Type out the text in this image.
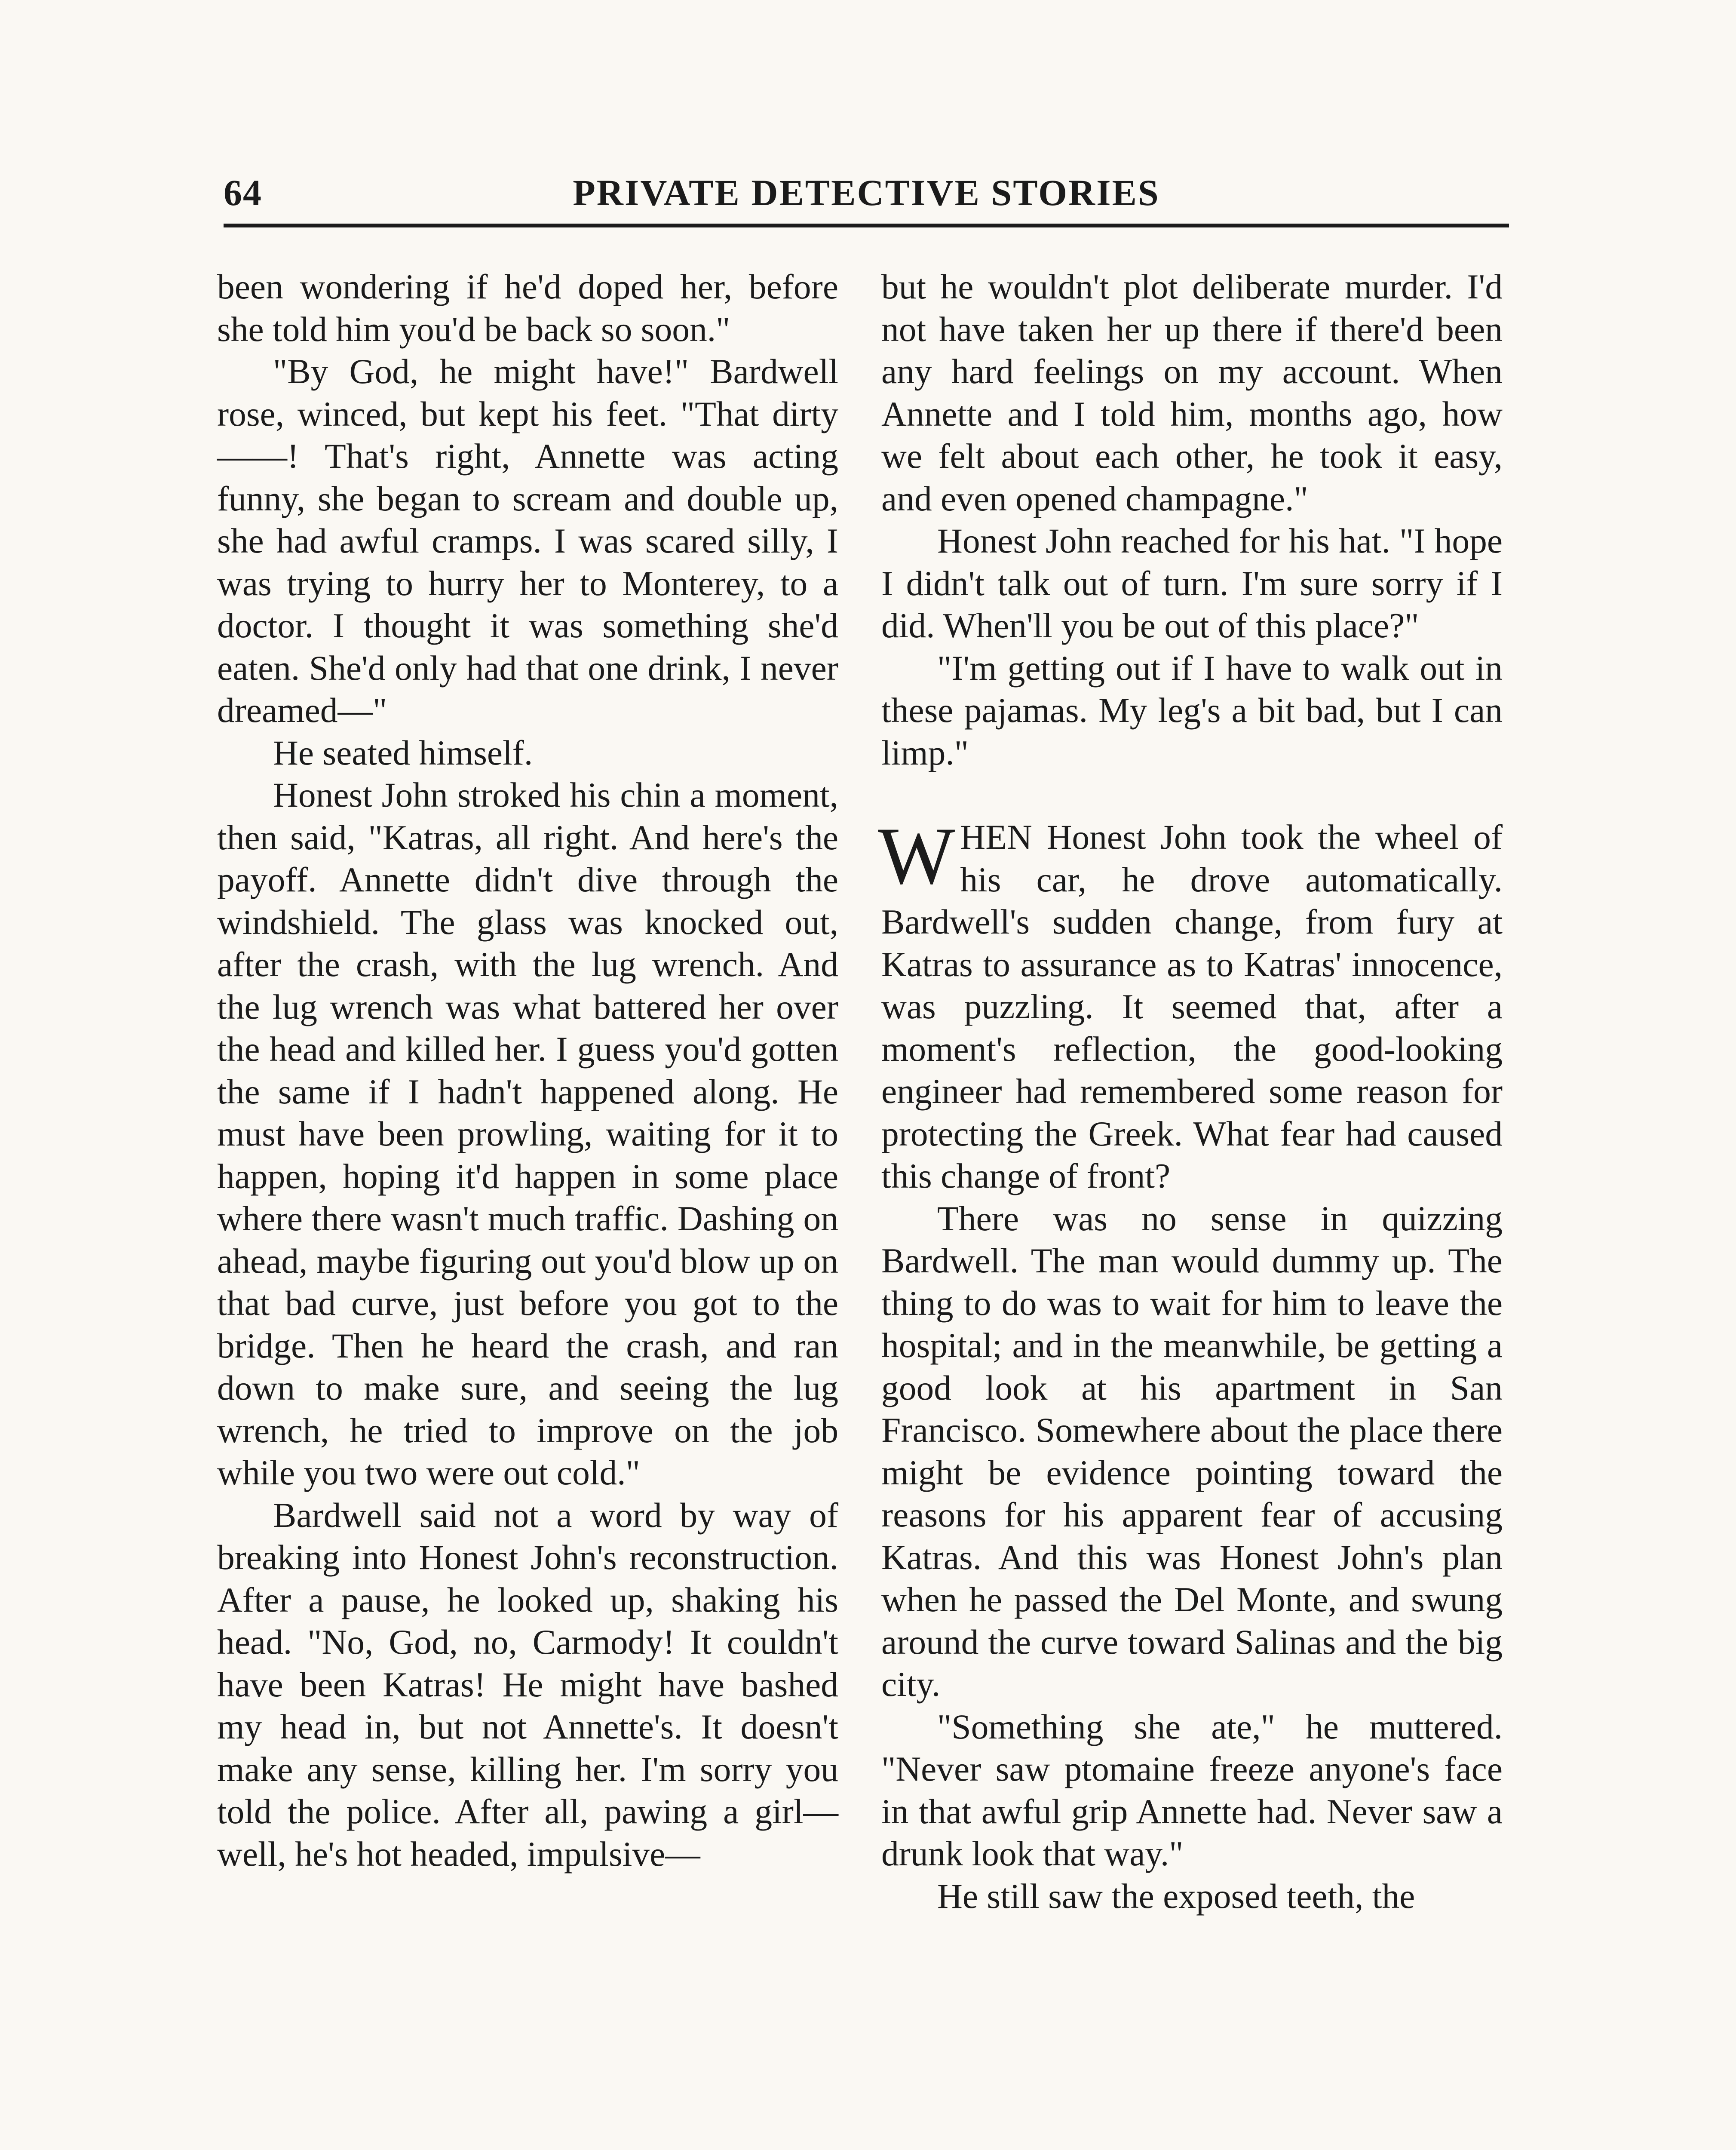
64	PRIVATE DETECTIVE STORIES

been wondering if he'd doped her, before she told him you'd be back so soon."

"By God, he might have!" Bardwell rose, winced, but kept his feet. "That dirty ——! That's right, Annette was acting funny, she began to scream and double up, she had awful cramps. I was scared silly, I was trying to hurry her to Monterey, to a doctor. I thought it was something she'd eaten. She'd only had that one drink, I never dreamed—"

He seated himself.

Honest John stroked his chin a moment, then said, "Katras, all right. And here's the payoff. Annette didn't dive through the windshield. The glass was knocked out, after the crash, with the lug wrench. And the lug wrench was what battered her over the head and killed her. I guess you'd gotten the same if I hadn't happened along. He must have been prowling, waiting for it to happen, hoping it'd happen in some place where there wasn't much traffic. Dashing on ahead, maybe figuring out you'd blow up on that bad curve, just before you got to the bridge. Then he heard the crash, and ran down to make sure, and seeing the lug wrench, he tried to improve on the job while you two were out cold."

Bardwell said not a word by way of breaking into Honest John's reconstruction. After a pause, he looked up, shaking his head. "No, God, no, Carmody! It couldn't have been Katras! He might have bashed my head in, but not Annette's. It doesn't make any sense, killing her. I'm sorry you told the police. After all, pawing a girl—well, he's hot headed, impulsive—

but he wouldn't plot deliberate murder. I'd not have taken her up there if there'd been any hard feelings on my account. When Annette and I told him, months ago, how we felt about each other, he took it easy, and even opened champagne."

Honest John reached for his hat. "I hope I didn't talk out of turn. I'm sure sorry if I did. When'll you be out of this place?"

"I'm getting out if I have to walk out in these pajamas. My leg's a bit bad, but I can limp."

WHEN Honest John took the wheel of his car, he drove automatically. Bardwell's sudden change, from fury at Katras to assurance as to Katras' innocence, was puzzling. It seemed that, after a moment's reflection, the good-looking engineer had remembered some reason for protecting the Greek. What fear had caused this change of front?

There was no sense in quizzing Bardwell. The man would dummy up. The thing to do was to wait for him to leave the hospital; and in the meanwhile, be getting a good look at his apartment in San Francisco. Somewhere about the place there might be evidence pointing toward the reasons for his apparent fear of accusing Katras. And this was Honest John's plan when he passed the Del Monte, and swung around the curve toward Salinas and the big city.

"Something she ate," he muttered. "Never saw ptomaine freeze anyone's face in that awful grip Annette had. Never saw a drunk look that way."

He still saw the exposed teeth, the
